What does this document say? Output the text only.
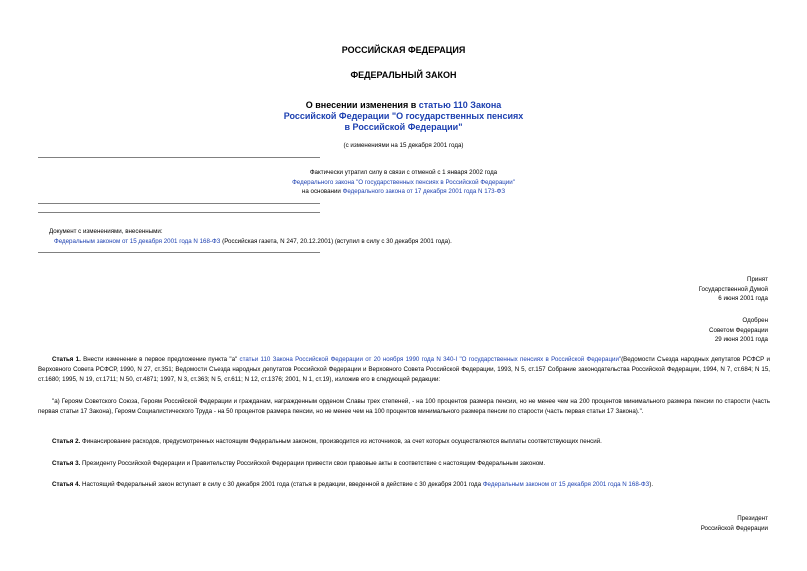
РОССИЙСКАЯ ФЕДЕРАЦИЯ
ФЕДЕРАЛЬНЫЙ ЗАКОН
О внесении изменения в статью 110 Закона
Российской Федерации "О государственных пенсиях
в Российской Федерации"
(с изменениями на 15 декабря 2001 года)
Фактически утратил силу в связи с отменой с 1 января 2002 года
Федерального закона "О государственных пенсиях в Российской Федерации"
на основании Федерального закона от 17 декабря 2001 года N 173-ФЗ
Документ с изменениями, внесенными:
Федеральным законом от 15 декабря 2001 года N 168-ФЗ (Российская газета, N 247, 20.12.2001) (вступил в силу с 30 декабря 2001 года).
Принят
Государственной Думой
6 июня 2001 года
Одобрен
Советом Федерации
29 июня 2001 года
Статья 1. Внести изменение в первое предложение пункта "а" статьи 110 Закона Российской Федерации от 20 ноября 1990 года N 340-I "О государственных пенсиях в Российской Федерации"(Ведомости Съезда народных депутатов РСФСР и Верховного Совета РСФСР, 1990, N 27, ст.351; Ведомости Съезда народных депутатов Российской Федерации и Верховного Совета Российской Федерации, 1993, N 5, ст.157 Собрание законодательства Российской Федерации, 1994, N 7, ст.684; N 15, ст.1680; 1995, N 19, ст.1711; N 50, ст.4871; 1997, N 3, ст.363; N 5, ст.611; N 12, ст.1376; 2001, N 1, ст.19), изложив его в следующей редакции:
"а) Героям Советского Союза, Героям Российской Федерации и гражданам, награжденным орденом Славы трех степеней, - на 100 процентов размера пенсии, но не менее чем на 200 процентов минимального размера пенсии по старости (часть первая статьи 17 Закона), Героям Социалистического Труда - на 50 процентов размера пенсии, но не менее чем на 100 процентов минимального размера пенсии по старости (часть первая статьи 17 Закона).".
Статья 2. Финансирование расходов, предусмотренных настоящим Федеральным законом, производится из источников, за счет которых осуществляются выплаты соответствующих пенсий.
Статья 3. Президенту Российской Федерации и Правительству Российской Федерации привести свои правовые акты в соответствие с настоящим Федеральным законом.
Статья 4. Настоящий Федеральный закон вступает в силу с 30 декабря 2001 года (статья в редакции, введенной в действие с 30 декабря 2001 года Федеральным законом от 15 декабря 2001 года N 168-ФЗ).
Президент
Российской Федерации
